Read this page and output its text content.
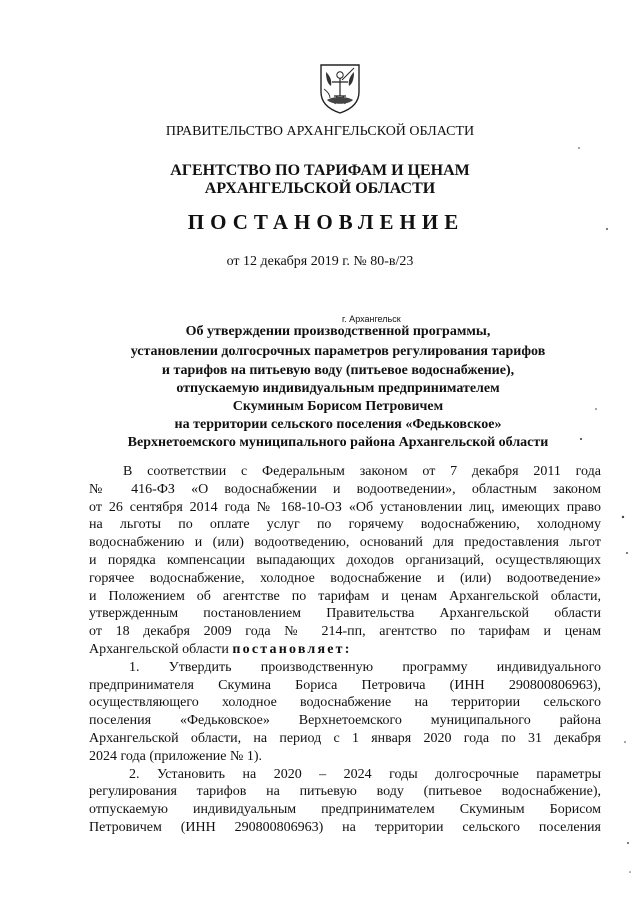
ПРАВИТЕЛЬСТВО АРХАНГЕЛЬСКОЙ ОБЛАСТИ
АГЕНТСТВО ПО ТАРИФАМ И ЦЕНАМ
АРХАНГЕЛЬСКОЙ ОБЛАСТИ
ПОСТАНОВЛЕНИЕ
от 12 декабря 2019 г. № 80-в/23
г. Архангельск
Об утверждении производственной программы,
установлении долгосрочных параметров регулирования тарифов
и тарифов на питьевую воду (питьевое водоснабжение),
отпускаемую индивидуальным предпринимателем
Скуминым Борисом Петровичем
на территории сельского поселения «Федьковское»
Верхнетоемского муниципального района Архангельской области
В соответствии с Федеральным законом от 7 декабря 2011 года
№ 416-ФЗ «О водоснабжении и водоотведении», областным законом
от 26 сентября 2014 года № 168-10-ОЗ «Об установлении лиц, имеющих право
на льготы по оплате услуг по горячему водоснабжению, холодному
водоснабжению и (или) водоотведению, оснований для предоставления льгот
и порядка компенсации выпадающих доходов организаций, осуществляющих
горячее водоснабжение, холодное водоснабжение и (или) водоотведение»
и Положением об агентстве по тарифам и ценам Архангельской области,
утвержденным постановлением Правительства Архангельской области
от 18 декабря 2009 года № 214-пп, агентство по тарифам и ценам
Архангельской области постановляет:
1. Утвердить производственную программу индивидуального
предпринимателя Скумина Бориса Петровича (ИНН 290800806963),
осуществляющего холодное водоснабжение на территории сельского
поселения «Федьковское» Верхнетоемского муниципального района
Архангельской области, на период с 1 января 2020 года по 31 декабря
2024 года (приложение № 1).
2. Установить на 2020 – 2024 годы долгосрочные параметры
регулирования тарифов на питьевую воду (питьевое водоснабжение),
отпускаемую индивидуальным предпринимателем Скуминым Борисом
Петровичем (ИНН 290800806963) на территории сельского поселения
